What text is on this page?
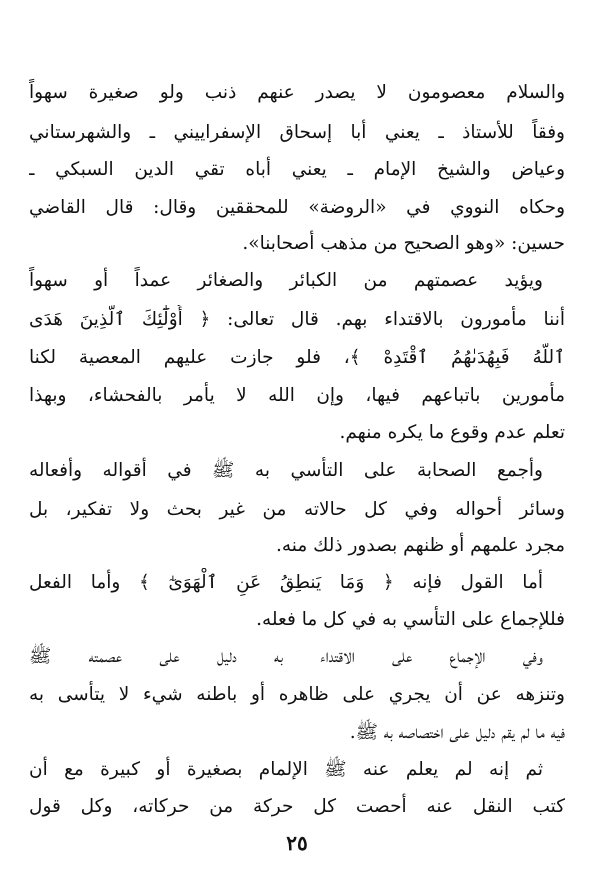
والسلام معصومون لا يصدر عنهم ذنب ولو صغيرة سهواً
وفقاً للأستاذ ـ يعني أبا إسحاق الإسفراييني ـ والشهرستاني
وعياض والشيخ الإمام ـ يعني أباه تقي الدين السبكي ـ
وحكاه النووي في «الروضة» للمحققين وقال: قال القاضي
حسين: «وهو الصحيح من مذهب أصحابنا».
ويؤيد عصمتهم من الكبائر والصغائر عمداً أو سهواً
أننا مأمورون بالاقتداء بهم. قال تعالى: ﴿ أُوْلَٰٓئِكَ ٱلَّذِينَ هَدَى
ٱللَّهُ فَبِهُدَىٰهُمُ ٱقْتَدِهْ ﴾، فلو جازت عليهم المعصية لكنا
مأمورين باتباعهم فيها، وإن الله لا يأمر بالفحشاء، وبهذا
تعلم عدم وقوع ما يكره منهم.
وأجمع الصحابة على التأسي به ﷺ في أقواله وأفعاله
وسائر أحواله وفي كل حالاته من غير بحث ولا تفكير، بل
مجرد علمهم أو ظنهم بصدور ذلك منه.
أما القول فإنه ﴿ وَمَا يَنطِقُ عَنِ ٱلْهَوَىٰٓ ﴾ وأما الفعل
فللإجماع على التأسي به في كل ما فعله.
وفي الإجماع على الاقتداء به دليل على عصمته ﷺ
وتنزهه عن أن يجري على ظاهره أو باطنه شيء لا يتأسى به
فيه ما لم يقم دليل على اختصاصه به ﷺ.
ثم إنه لم يعلم عنه ﷺ الإلمام بصغيرة أو كبيرة مع أن
كتب النقل عنه أحصت كل حركة من حركاته، وكل قول
٢٥
